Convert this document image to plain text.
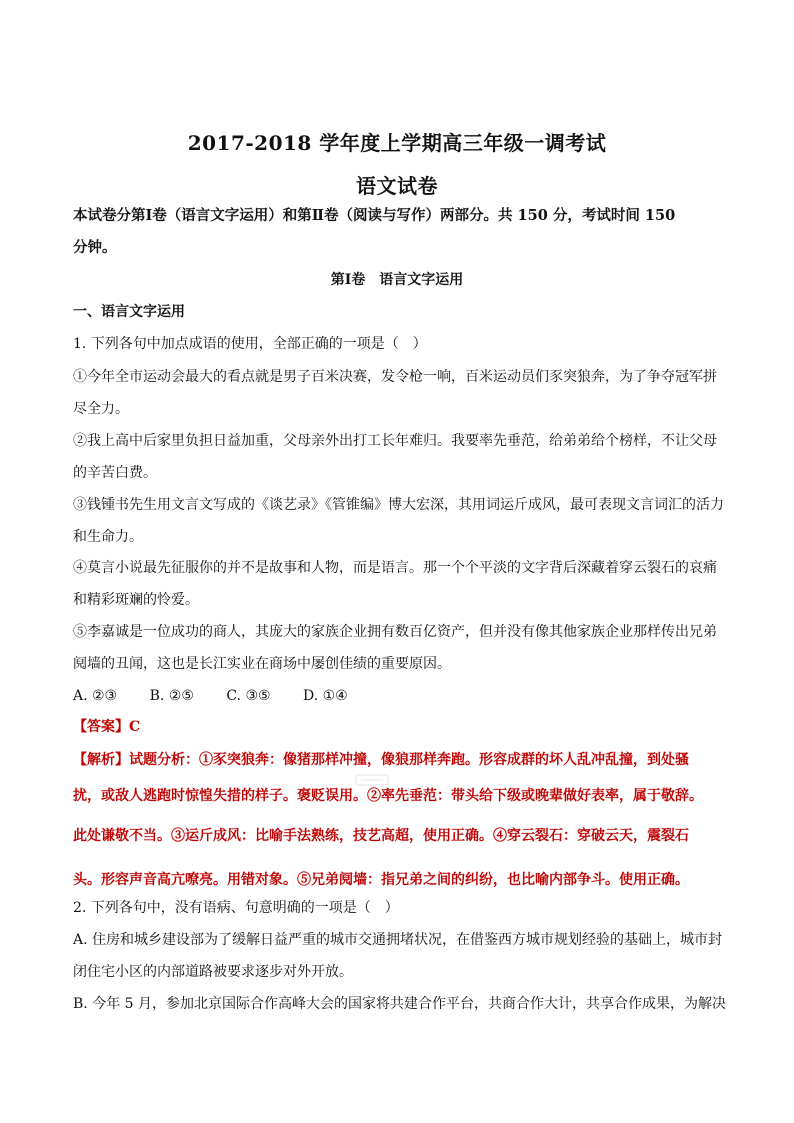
2017-2018 学年度上学期高三年级一调考试
语文试卷
本试卷分第Ⅰ卷（语言文字运用）和第Ⅱ卷（阅读与写作）两部分。共 150 分，考试时间 150
分钟。
第Ⅰ卷　语言文字运用
一、语言文字运用
1. 下列各句中加点成语的使用，全部正确的一项是（　）
①今年全市运动会最大的看点就是男子百米决赛，发令枪一响，百米运动员们豕突狼奔，为了争夺冠军拼
尽全力。
②我上高中后家里负担日益加重，父母亲外出打工长年难归。我要率先垂范，给弟弟给个榜样，不让父母
的辛苦白费。
③钱锺书先生用文言文写成的《谈艺录》《管锥编》博大宏深，其用词运斤成风，最可表现文言词汇的活力
和生命力。
④莫言小说最先征服你的并不是故事和人物，而是语言。那一个个平淡的文字背后深藏着穿云裂石的哀痛
和精彩斑斓的怜爱。
⑤李嘉诚是一位成功的商人，其庞大的家族企业拥有数百亿资产，但并没有像其他家族企业那样传出兄弟
阋墙的丑闻，这也是长江实业在商场中屡创佳绩的重要原因。
A. ②③ B. ②⑤ C. ③⑤ D. ①④
【答案】C
【解析】试题分析：①豕突狼奔：像猪那样冲撞，像狼那样奔跑。形容成群的坏人乱冲乱撞，到处骚
扰，或敌人逃跑时惊惶失措的样子。褒贬误用。②率先垂范：带头给下级或晚辈做好表率，属于敬辞。
此处谦敬不当。③运斤成风：比喻手法熟练，技艺高超，使用正确。④穿云裂石：穿破云天，震裂石
头。形容声音高亢嘹亮。用错对象。⑤兄弟阋墙：指兄弟之间的纠纷，也比喻内部争斗。使用正确。
2. 下列各句中，没有语病、句意明确的一项是（　）
A. 住房和城乡建设部为了缓解日益严重的城市交通拥堵状况，在借鉴西方城市规划经验的基础上，城市封
闭住宅小区的内部道路被要求逐步对外开放。
B. 今年 5 月，参加北京国际合作高峰大会的国家将共建合作平台，共商合作大计，共享合作成果，为解决
